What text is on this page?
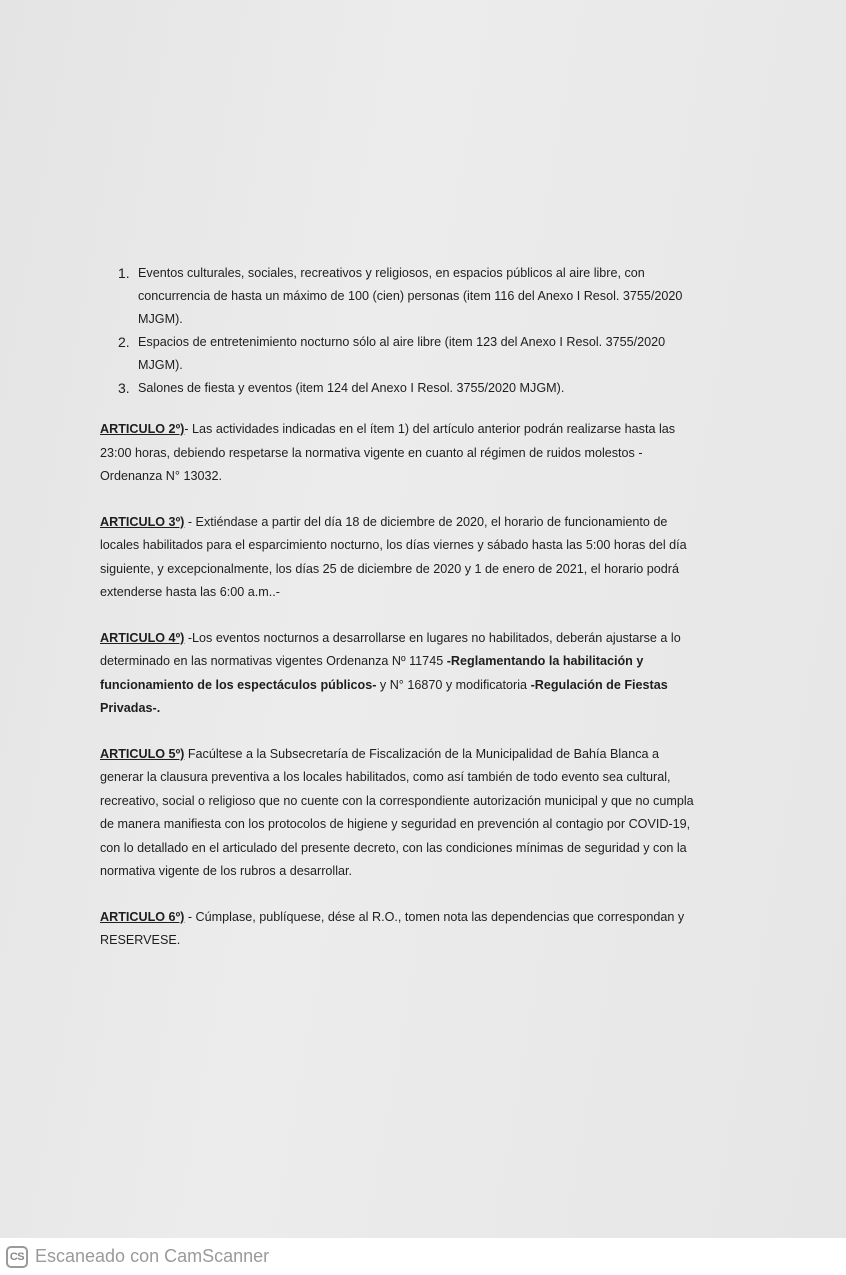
1. Eventos culturales, sociales, recreativos y religiosos, en espacios públicos al aire libre, con concurrencia de hasta un máximo de 100 (cien) personas (item 116 del Anexo I Resol. 3755/2020 MJGM).
2. Espacios de entretenimiento nocturno sólo al aire libre (item 123 del Anexo I Resol. 3755/2020 MJGM).
3. Salones de fiesta y eventos (item 124 del Anexo I Resol. 3755/2020 MJGM).

ARTICULO 2º)- Las actividades indicadas en el ítem 1) del artículo anterior podrán realizarse hasta las 23:00 horas, debiendo respetarse la normativa vigente en cuanto al régimen de ruidos molestos - Ordenanza N° 13032.

ARTICULO 3º) - Extiéndase a partir del día 18 de diciembre de 2020, el horario de funcionamiento de locales habilitados para el esparcimiento nocturno, los días viernes y sábado hasta las 5:00 horas del día siguiente, y excepcionalmente, los días 25 de diciembre de 2020 y 1 de enero de 2021, el horario podrá extenderse hasta las 6:00 a.m..-

ARTICULO 4º) -Los eventos nocturnos a desarrollarse en lugares no habilitados, deberán ajustarse a lo determinado en las normativas vigentes Ordenanza Nº 11745 -Reglamentando la habilitación y funcionamiento de los espectáculos públicos- y N° 16870 y modificatoria -Regulación de Fiestas Privadas-.

ARTICULO 5º) Facúltese a la Subsecretaría de Fiscalización de la Municipalidad de Bahía Blanca a generar la clausura preventiva a los locales habilitados, como así también de todo evento sea cultural, recreativo, social o religioso que no cuente con la correspondiente autorización municipal y que no cumpla de manera manifiesta con los protocolos de higiene y seguridad en prevención al contagio por COVID-19, con lo detallado en el articulado del presente decreto, con las condiciones mínimas de seguridad y con la normativa vigente de los rubros a desarrollar.

ARTICULO 6º) - Cúmplase, publíquese, dése al R.O., tomen nota las dependencias que correspondan y RESERVESE.

CS Escaneado con CamScanner
